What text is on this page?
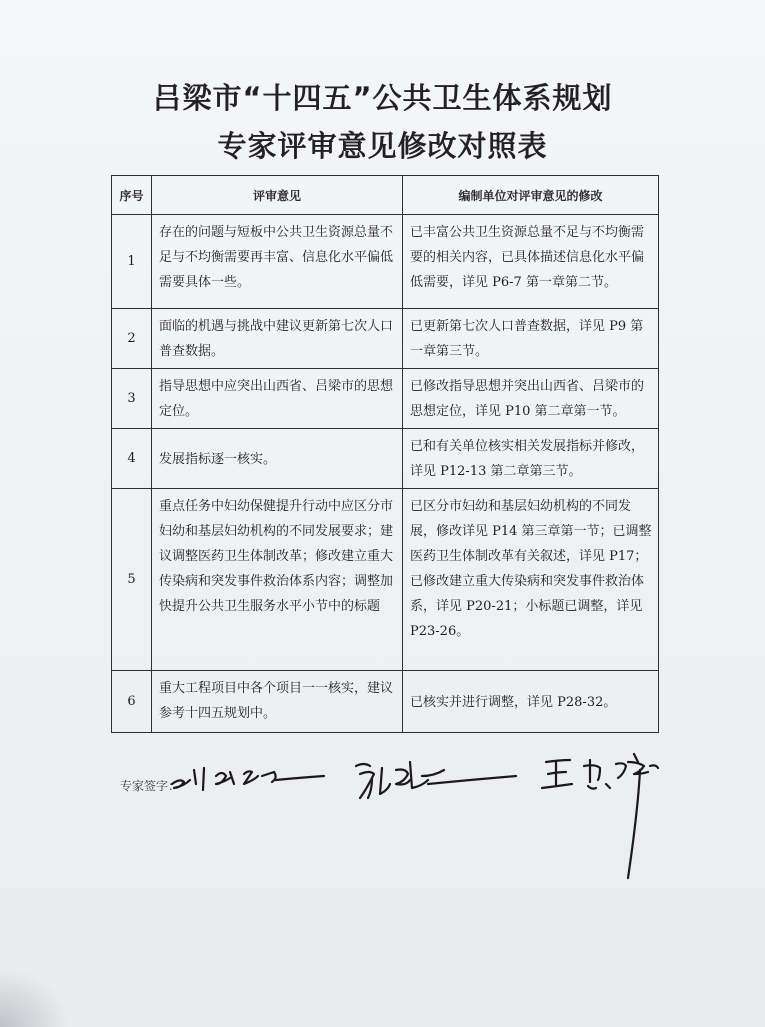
吕梁市“十四五”公共卫生体系规划
专家评审意见修改对照表
序号	评审意见	编制单位对评审意见的修改
1	存在的问题与短板中公共卫生资源总量不足与不均衡需要再丰富、信息化水平偏低需要具体一些。	已丰富公共卫生资源总量不足与不均衡需要的相关内容，已具体描述信息化水平偏低需要，详见 P6-7 第一章第二节。
2	面临的机遇与挑战中建议更新第七次人口普查数据。	已更新第七次人口普查数据，详见 P9 第一章第三节。
3	指导思想中应突出山西省、吕梁市的思想定位。	已修改指导思想并突出山西省、吕梁市的思想定位，详见 P10 第二章第一节。
4	发展指标逐一核实。	已和有关单位核实相关发展指标并修改，详见 P12-13 第二章第三节。
5	重点任务中妇幼保健提升行动中应区分市妇幼和基层妇幼机构的不同发展要求；建议调整医药卫生体制改革；修改建立重大传染病和突发事件救治体系内容；调整加快提升公共卫生服务水平小节中的标题	已区分市妇幼和基层妇幼机构的不同发展，修改详见 P14 第三章第一节；已调整医药卫生体制改革有关叙述，详见 P17；已修改建立重大传染病和突发事件救治体系，详见 P20-21；小标题已调整，详见 P23-26。
6	重大工程项目中各个项目一一核实，建议参考十四五规划中。	已核实并进行调整，详见 P28-32。
专家签字：
